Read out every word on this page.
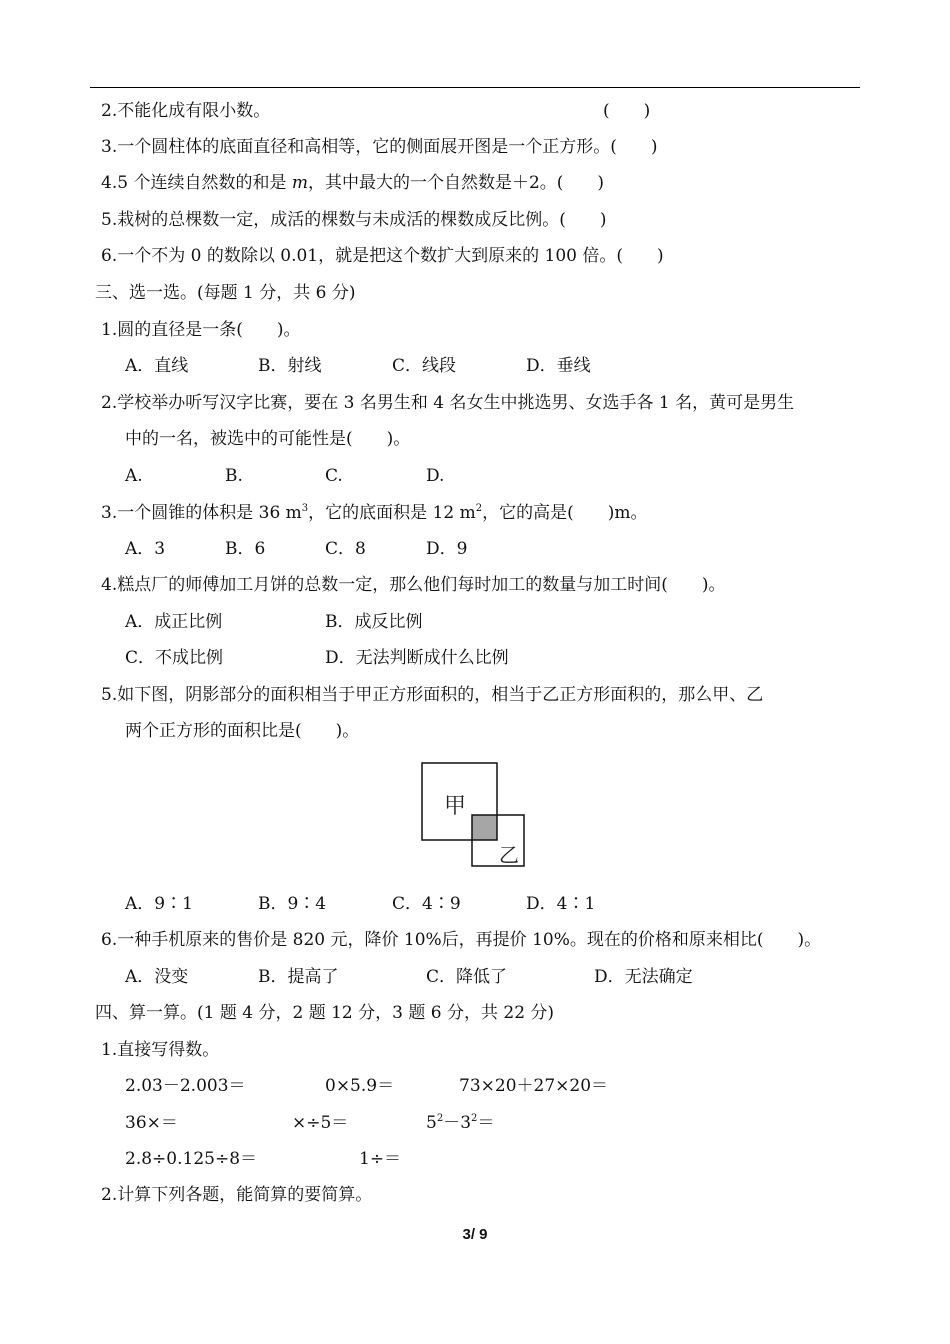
2.不能化成有限小数。	(　　)
3.一个圆柱体的底面直径和高相等，它的侧面展开图是一个正方形。(　　)
4.5 个连续自然数的和是 m，其中最大的一个自然数是＋2。(　　)
5.栽树的总棵数一定，成活的棵数与未成活的棵数成反比例。(　　)
6.一个不为 0 的数除以 0.01，就是把这个数扩大到原来的 100 倍。(　　)
三、选一选。(每题 1 分，共 6 分)
1.圆的直径是一条(　　)。
A．直线	B．射线	C．线段	D．垂线
2.学校举办听写汉字比赛，要在 3 名男生和 4 名女生中挑选男、女选手各 1 名，黄可是男生
中的一名，被选中的可能性是(　　)。
A.	B.	C.	D.
3.一个圆锥的体积是 36 $m^3$，它的底面积是 12 $m^2$，它的高是(　　)m。
A．3	B．6	C．8	D．9
4.糕点厂的师傅加工月饼的总数一定，那么他们每时加工的数量与加工时间(　　)。
A．成正比例	B．成反比例
C．不成比例	D．无法判断成什么比例
5.如下图，阴影部分的面积相当于甲正方形面积的，相当于乙正方形面积的，那么甲、乙
两个正方形的面积比是(　　)。
甲
乙
A．9∶1	B．9∶4	C．4∶9	D．4∶1
6.一种手机原来的售价是 820 元，降价 10%后，再提价 10%。现在的价格和原来相比(　　)。
A．没变	B．提高了	C．降低了	D．无法确定
四、算一算。(1 题 4 分，2 题 12 分，3 题 6 分，共 22 分)
1.直接写得数。
2.03－2.003＝	0×5.9＝	73×20＋27×20＝
36×＝	×÷5＝	$5^2-3^2=$
2.8÷0.125÷8＝	1÷＝
2.计算下列各题，能简算的要简算。
3/ 9
